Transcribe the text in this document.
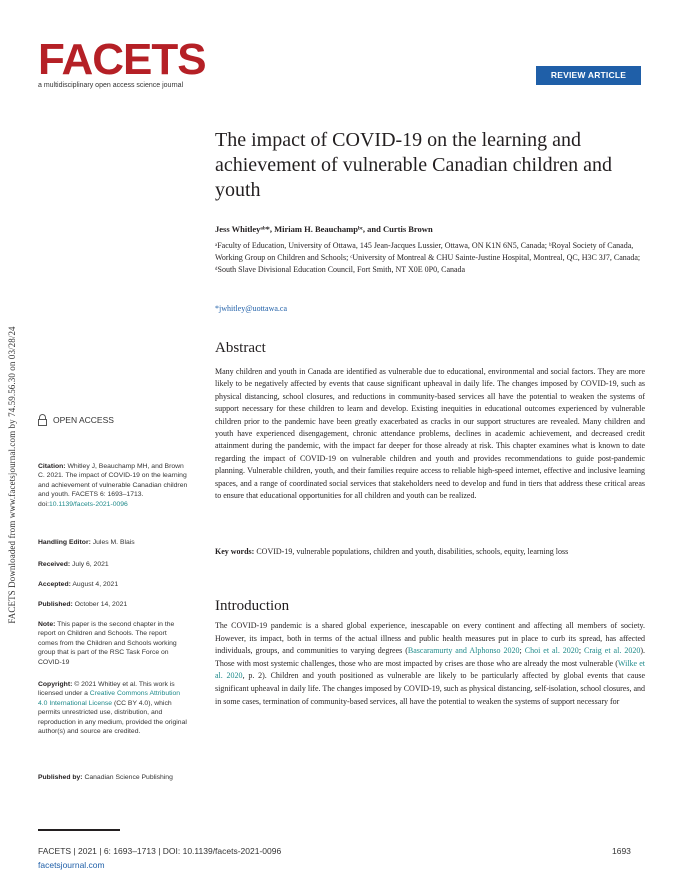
FACETS Downloaded from www.facetsjournal.com by 74.59.56.30 on 03/28/24
FACETS
a multidisciplinary open access science journal
REVIEW ARTICLE
The impact of COVID-19 on the learning and achievement of vulnerable Canadian children and youth
Jess Whitleyᵃᵇ*, Miriam H. Beauchampᵇᶜ, and Curtis Brown
ᵃFaculty of Education, University of Ottawa, 145 Jean-Jacques Lussier, Ottawa, ON K1N 6N5, Canada; ᵇRoyal Society of Canada, Working Group on Children and Schools; ᶜUniversity of Montreal & CHU Sainte-Justine Hospital, Montreal, QC, H3C 3J7, Canada; ᵈSouth Slave Divisional Education Council, Fort Smith, NT X0E 0P0, Canada
*jwhitley@uottawa.ca
Abstract
Many children and youth in Canada are identified as vulnerable due to educational, environmental and social factors. They are more likely to be negatively affected by events that cause significant upheaval in daily life. The changes imposed by COVID-19, such as physical distancing, school closures, and reductions in community-based services all have the potential to weaken the systems of support necessary for these children to learn and develop. Existing inequities in educational outcomes experienced by vulnerable children prior to the pandemic have been greatly exacerbated as cracks in our support structures are revealed. Many children and youth have experienced disengagement, chronic attendance problems, declines in academic achievement, and decreased credit attainment during the pandemic, with the impact far deeper for those already at risk. This chapter examines what is known to date regarding the impact of COVID-19 on vulnerable children and youth and provides recommendations to guide post-pandemic planning. Vulnerable children, youth, and their families require access to reliable high-speed internet, effective and inclusive learning spaces, and a range of coordinated social services that stakeholders need to develop and fund in tiers that address these critical areas to ensure that educational opportunities for all children and youth can be realized.
Key words: COVID-19, vulnerable populations, children and youth, disabilities, schools, equity, learning loss
Introduction
The COVID-19 pandemic is a shared global experience, inescapable on every continent and affecting all members of society. However, its impact, both in terms of the actual illness and public health measures put in place to curb its spread, has affected individuals, groups, and communities to varying degrees (Bascaramurty and Alphonso 2020; Choi et al. 2020; Craig et al. 2020). Those with most systemic challenges, those who are most impacted by crises are those who are already the most vulnerable (Wilke et al. 2020, p. 2). Children and youth positioned as vulnerable are likely to be particularly affected by global events that cause significant upheaval in daily life. The changes imposed by COVID-19, such as physical distancing, self-isolation, school closures, and in some cases, termination of community-based services, all have the potential to weaken the systems of support necessary for
OPEN ACCESS
Citation: Whitley J, Beauchamp MH, and Brown C. 2021. The impact of COVID-19 on the learning and achievement of vulnerable Canadian children and youth. FACETS 6: 1693–1713. doi:10.1139/facets-2021-0096
Handling Editor: Jules M. Blais
Received: July 6, 2021
Accepted: August 4, 2021
Published: October 14, 2021
Note: This paper is the second chapter in the report on Children and Schools. The report comes from the Children and Schools working group that is part of the RSC Task Force on COVID-19
Copyright: © 2021 Whitley et al. This work is licensed under a Creative Commons Attribution 4.0 International License (CC BY 4.0), which permits unrestricted use, distribution, and reproduction in any medium, provided the original author(s) and source are credited.
Published by: Canadian Science Publishing
FACETS | 2021 | 6: 1693–1713 | DOI: 10.1139/facets-2021-0096
facetsjournal.com
1693
